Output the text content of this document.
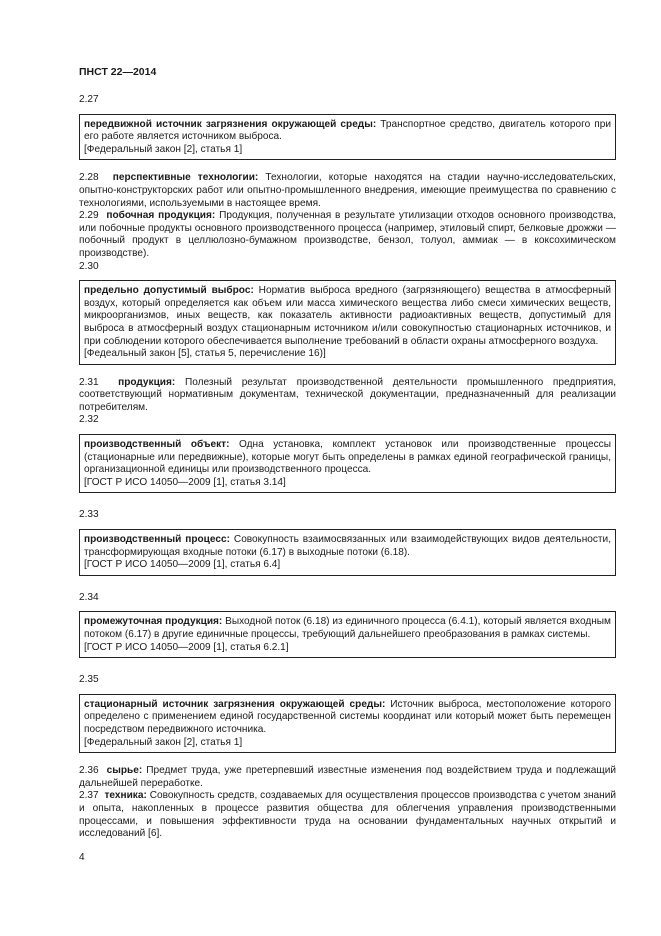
ПНСТ 22—2014
2.27
передвижной источник загрязнения окружающей среды: Транспортное средство, двигатель которого при его работе является источником выброса.
[Федеральный закон [2], статья 1]
2.28 перспективные технологии: Технологии, которые находятся на стадии научно-исследовательских, опытно-конструкторских работ или опытно-промышленного внедрения, имеющие преимущества по сравнению с технологиями, используемыми в настоящее время.
2.29 побочная продукция: Продукция, полученная в результате утилизации отходов основного производства, или побочные продукты основного производственного процесса (например, этиловый спирт, белковые дрожжи — побочный продукт в целлюлозно-бумажном производстве, бензол, толуол, аммиак — в коксохимическом производстве).
2.30
предельно допустимый выброс: Норматив выброса вредного (загрязняющего) вещества в атмосферный воздух, который определяется как объем или масса химического вещества либо смеси химических веществ, микроорганизмов, иных веществ, как показатель активности радиоактивных веществ, допустимый для выброса в атмосферный воздух стационарным источником и/или совокупностью стационарных источников, и при соблюдении которого обеспечивается выполнение требований в области охраны атмосферного воздуха.
[Федеальный закон [5], статья 5, перечисление 16)]
2.31 продукция: Полезный результат производственной деятельности промышленного предприятия, соответствующий нормативным документам, технической документации, предназначенный для реализации потребителям.
2.32
производственный объект: Одна установка, комплект установок или производственные процессы (стационарные или передвижные), которые могут быть определены в рамках единой географической границы, организационной единицы или производственного процесса.
[ГОСТ Р ИСО 14050—2009 [1], статья 3.14]
2.33
производственный процесс: Совокупность взаимосвязанных или взаимодействующих видов деятельности, трансформирующая входные потоки (6.17) в выходные потоки (6.18).
[ГОСТ Р ИСО 14050—2009 [1], статья 6.4]
2.34
промежуточная продукция: Выходной поток (6.18) из единичного процесса (6.4.1), который является входным потоком (6.17) в другие единичные процессы, требующий дальнейшего преобразования в рамках системы.
[ГОСТ Р ИСО 14050—2009 [1], статья 6.2.1]
2.35
стационарный источник загрязнения окружающей среды: Источник выброса, местоположение которого определено с применением единой государственной системы координат или который может быть перемещен посредством передвижного источника.
[Федеральный закон [2], статья 1]
2.36 сырье: Предмет труда, уже претерпевший известные изменения под воздействием труда и подлежащий дальнейшей переработке.
2.37 техника: Совокупность средств, создаваемых для осуществления процессов производства с учетом знаний и опыта, накопленных в процессе развития общества для облегчения управления производственными процессами, и повышения эффективности труда на основании фундаментальных научных открытий и исследований [6].
4
